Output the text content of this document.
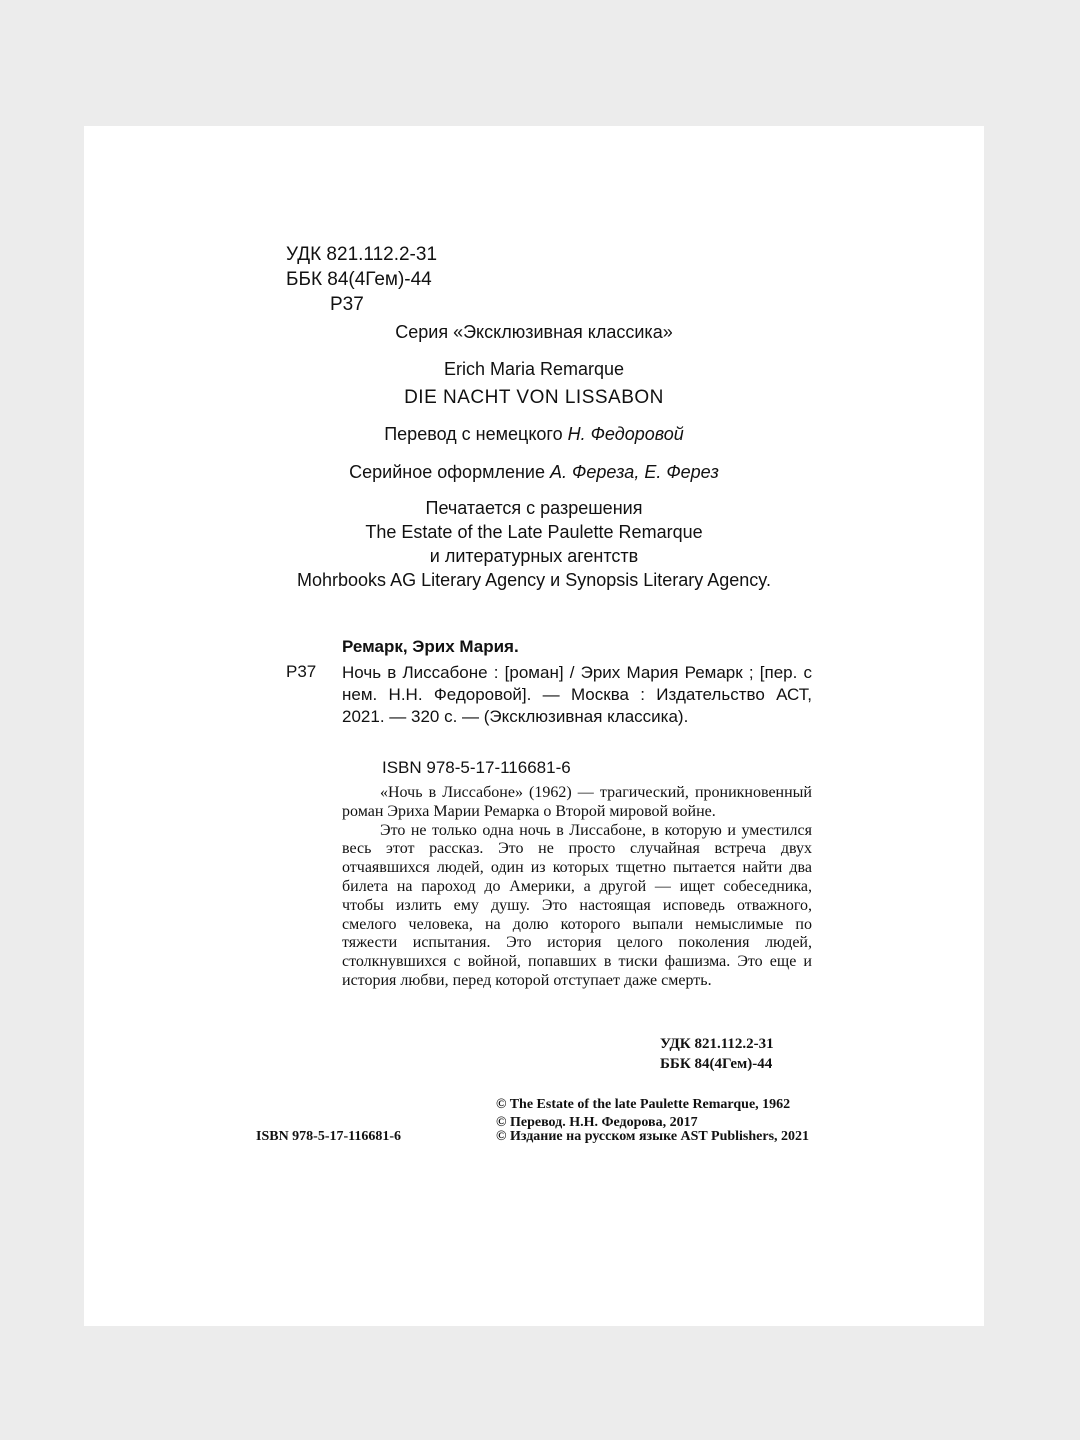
УДК 821.112.2-31
ББК 84(4Гем)-44
Р37
Серия «Эксклюзивная классика»
Erich Maria Remarque
DIE NACHT VON LISSABON
Перевод с немецкого Н. Федоровой
Серийное оформление А. Фереза, Е. Ферез
Печатается с разрешения
The Estate of the Late Paulette Remarque
и литературных агентств
Mohrbooks AG Literary Agency и Synopsis Literary Agency.
Ремарк, Эрих Мария.
Р37 Ночь в Лиссабоне : [роман] / Эрих Мария Ремарк ; [пер. с нем. Н.Н. Федоровой]. — Москва : Издательство АСТ, 2021. — 320 с. — (Эксклюзивная классика).
ISBN 978-5-17-116681-6

«Ночь в Лиссабоне» (1962) — трагический, проникновенный роман Эриха Марии Ремарка о Второй мировой войне.

Это не только одна ночь в Лиссабоне, в которую и уместился весь этот рассказ. Это не просто случайная встреча двух отчаявшихся людей, один из которых тщетно пытается найти два билета на пароход до Америки, а другой — ищет собеседника, чтобы излить ему душу. Это настоящая исповедь отважного, смелого человека, на долю которого выпали немыслимые по тяжести испытания. Это история целого поколения людей, столкнувшихся с войной, попавших в тиски фашизма. Это еще и история любви, перед которой отступает даже смерть.

УДК 821.112.2-31
ББК 84(4Гем)-44
© The Estate of the late Paulette Remarque, 1962
© Перевод. Н.Н. Федорова, 2017
ISBN 978-5-17-116681-6	© Издание на русском языке AST Publishers, 2021
